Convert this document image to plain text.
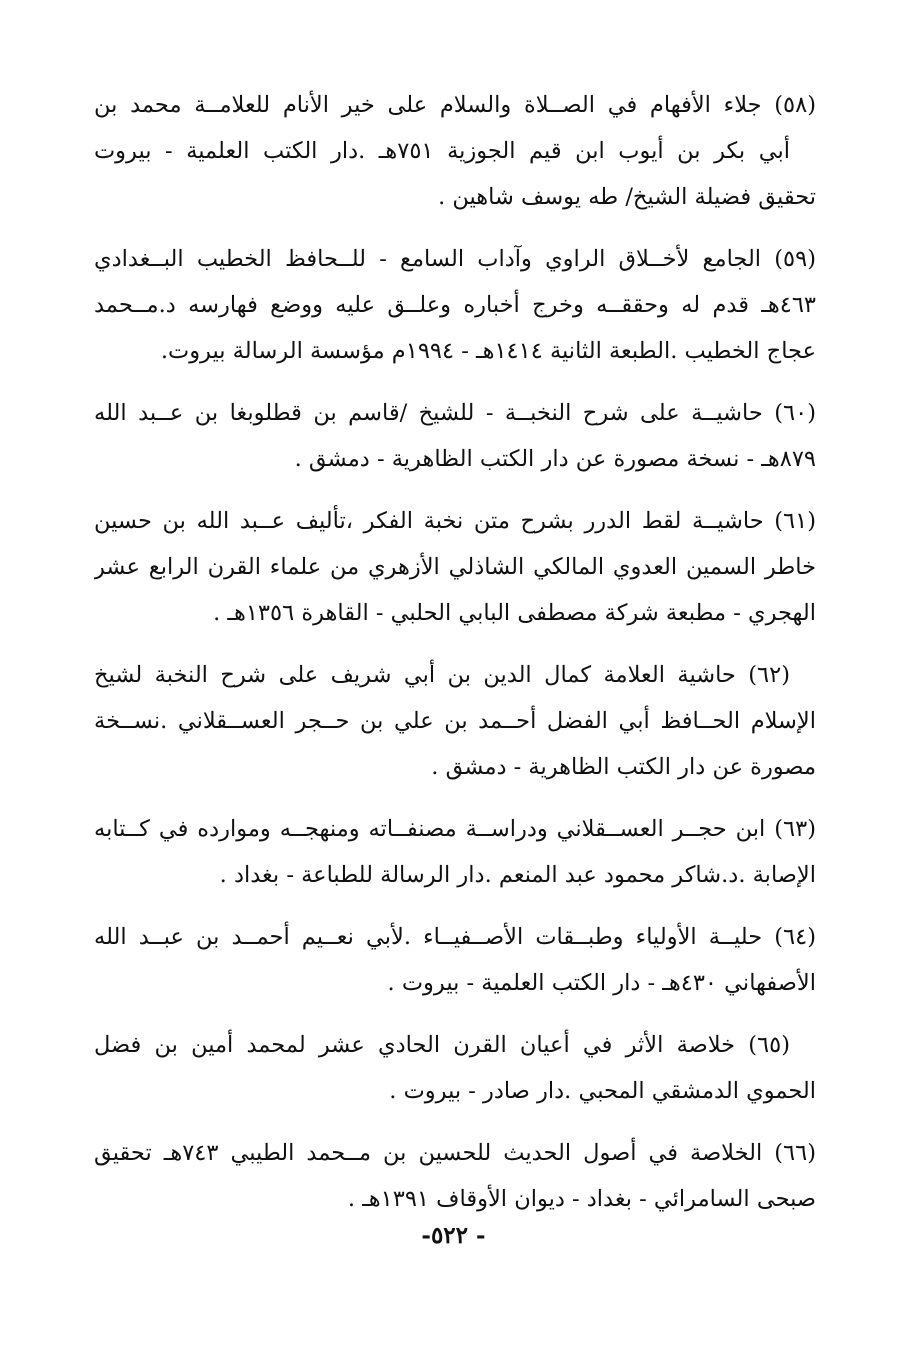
(٥٨) جلاء الأفهام في الصــلاة والسلام على خير الأنام للعلامــة محمد بن
أبي بكر بن أيوب ابن قيم الجوزية ٧٥١هـ .دار الكتب العلمية - بيروت
تحقيق فضيلة الشيخ/ طه يوسف شاهين .
(٥٩) الجامع لأخــلاق الراوي وآداب السامع - للــحافظ الخطيب البــغدادي
٤٦٣هـ قدم له وحققــه وخرج أخباره وعلــق عليه ووضع فهارسه د.مــحمد
عجاج الخطيب .الطبعة الثانية ١٤١٤هـ - ١٩٩٤م مؤسسة الرسالة بيروت.
(٦٠) حاشيــة على شرح النخبــة - للشيخ /قاسم بن قطلوبغا بن عــبد الله
٨٧٩هـ - نسخة مصورة عن دار الكتب الظاهرية - دمشق .
(٦١) حاشيــة لقط الدرر بشرح متن نخبة الفكر ،تأليف عــبد الله بن حسين
خاطر السمين العدوي المالكي الشاذلي الأزهري من علماء القرن الرابع عشر
الهجري - مطبعة شركة مصطفى البابي الحلبي - القاهرة ١٣٥٦هـ .
(٦٢) حاشية العلامة كمال الدين بن أبي شريف على شرح النخبة لشيخ
الإسلام الحــافظ أبي الفضل أحــمد بن علي بن حــجر العســقلاني .نســخة
مصورة عن دار الكتب الظاهرية - دمشق .
(٦٣) ابن حجــر العســقلاني ودراســة مصنفــاته ومنهجــه وموارده في كــتابه
الإصابة .د.شاكر محمود عبد المنعم .دار الرسالة للطباعة - بغداد .
(٦٤) حليــة الأولياء وطبــقات الأصــفيــاء .لأبي نعــيم أحمــد بن عبــد الله
الأصفهاني ٤٣٠هـ - دار الكتب العلمية - بيروت .
(٦٥) خلاصة الأثر في أعيان القرن الحادي عشر لمحمد أمين بن فضل
الحموي الدمشقي المحبي .دار صادر - بيروت .
(٦٦) الخلاصة في أصول الحديث للحسين بن مــحمد الطيبي ٧٤٣هـ تحقيق
صبحى السامرائي - بغداد - ديوان الأوقاف ١٣٩١هـ .
- ٥٢٢-
